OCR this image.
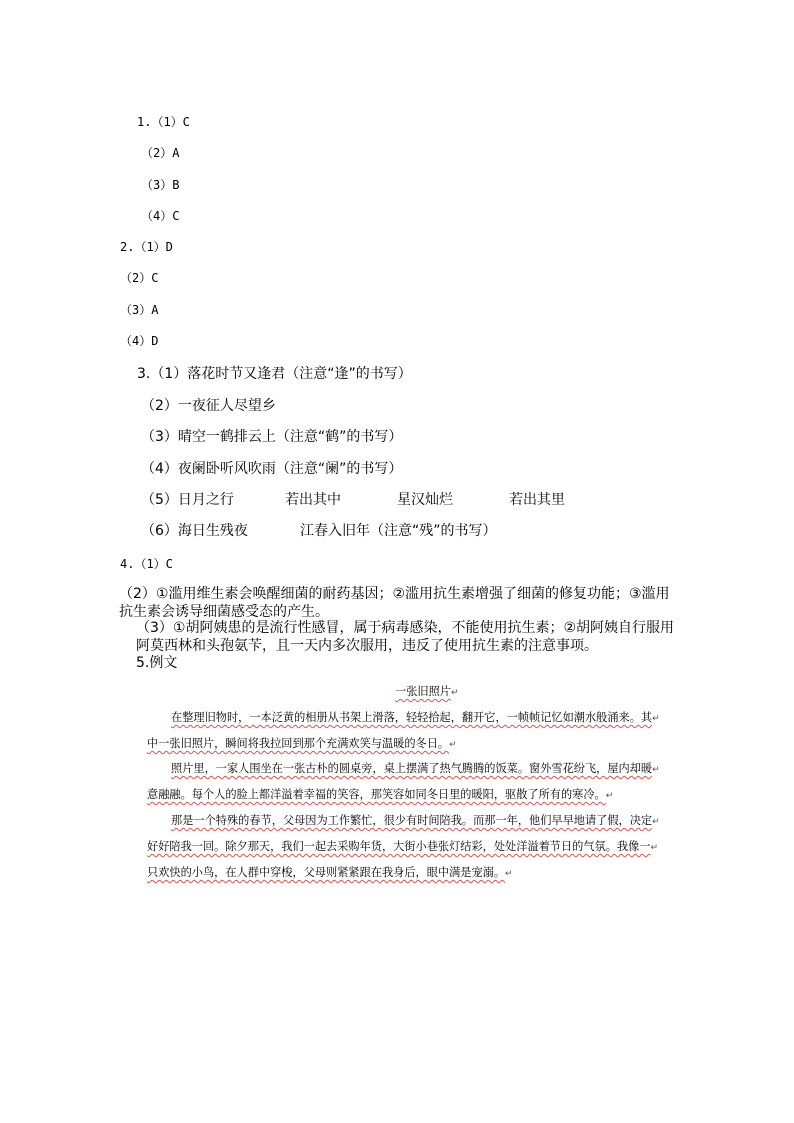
1.（1）C
（2）A
（3）B
（4）C
2.（1）D
（2）C
（3）A
（4）D
3.（1）落花时节又逢君（注意“逢”的书写）
（2）一夜征人尽望乡
（3）晴空一鹤排云上（注意“鹤”的书写）
（4）夜阑卧听风吹雨（注意“阑”的书写）
（5）日月之行	若出其中	星汉灿烂	若出其里
（6）海日生残夜	江春入旧年（注意“残”的书写）
4.（1）C
（2）①滥用维生素会唤醒细菌的耐药基因；②滥用抗生素增强了细菌的修复功能；③滥用抗生素会诱导细菌感受态的产生。
（3）①胡阿姨患的是流行性感冒，属于病毒感染，不能使用抗生素；②胡阿姨自行服用阿莫西林和头孢氨苄，且一天内多次服用，违反了使用抗生素的注意事项。
5.例文
一张旧照片↵
在整理旧物时，一本泛黄的相册从书架上滑落，轻轻拾起，翻开它，一帧帧记忆如潮水般涌来。其↵
中一张旧照片，瞬间将我拉回到那个充满欢笑与温暖的冬日。↵
照片里，一家人围坐在一张古朴的圆桌旁，桌上摆满了热气腾腾的饭菜。窗外雪花纷飞，屋内却暖↵
意融融。每个人的脸上都洋溢着幸福的笑容，那笑容如同冬日里的暖阳，驱散了所有的寒冷。↵
那是一个特殊的春节，父母因为工作繁忙，很少有时间陪我。而那一年，他们早早地请了假，决定↵
好好陪我一回。除夕那天，我们一起去采购年货，大街小巷张灯结彩，处处洋溢着节日的气氛。我像一↵
只欢快的小鸟，在人群中穿梭，父母则紧紧跟在我身后，眼中满是宠溺。↵
